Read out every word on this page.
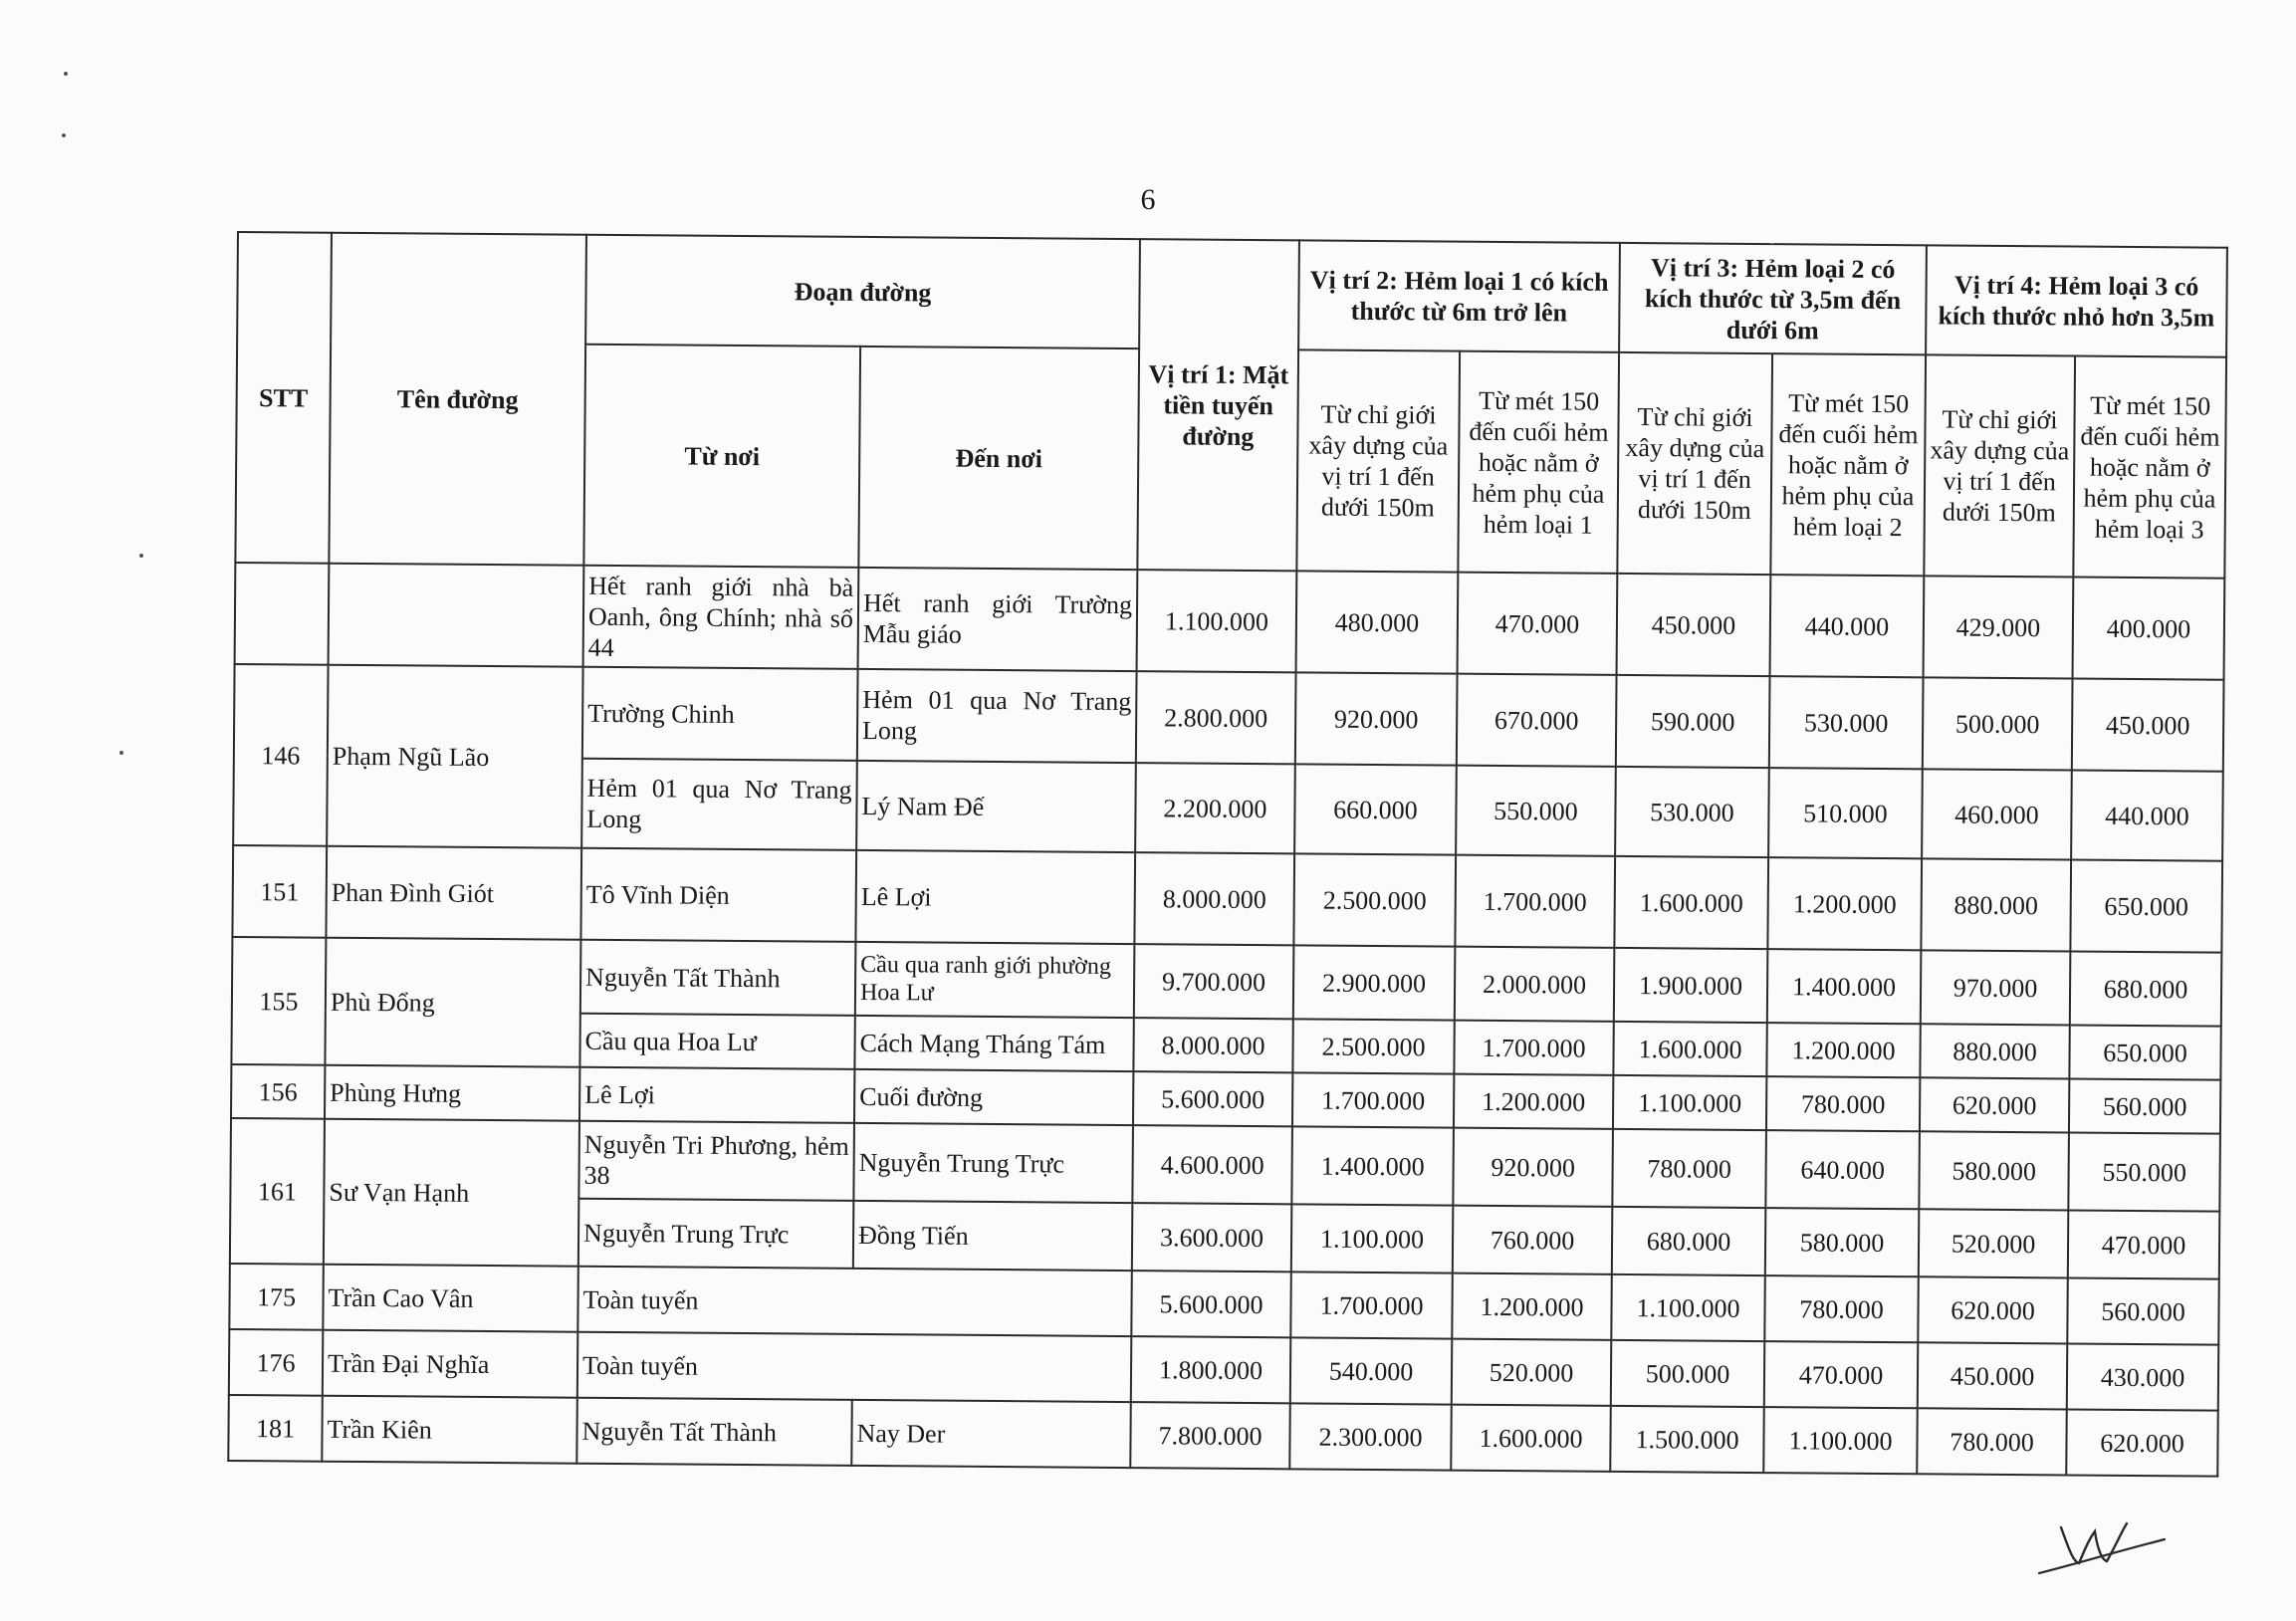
6
STT	Tên đường	Đoạn đường		Vị trí 1: Mặt tiền tuyến đường	Vị trí 2: Hẻm loại 1 có kích thước từ 6m trở lên		Vị trí 3: Hẻm loại 2 có kích thước từ 3,5m đến dưới 6m		Vị trí 4: Hẻm loại 3 có kích thước nhỏ hơn 3,5m	
					Từ chỉ giới xây dựng của vị trí 1 đến dưới 150m	Từ mét 150 đến cuối hẻm hoặc nằm ở hẻm phụ của hẻm loại 1	Từ chỉ giới xây dựng của vị trí 1 đến dưới 150m	Từ mét 150 đến cuối hẻm hoặc nằm ở hẻm phụ của hẻm loại 2	Từ chỉ giới xây dựng của vị trí 1 đến dưới 150m	Từ mét 150 đến cuối hẻm hoặc nằm ở hẻm phụ của hẻm loại 3
		Từ nơi	Đến nơi							
		Hết ranh giới nhà bà Oanh, ông Chính; nhà số 44	Hết ranh giới Trường Mẫu giáo	1.100.000	480.000	470.000	450.000	440.000	429.000	400.000
146	Phạm Ngũ Lão	Trường Chinh	Hẻm 01 qua Nơ Trang Long	2.800.000	920.000	670.000	590.000	530.000	500.000	450.000
		Hẻm 01 qua Nơ Trang Long	Lý Nam Đế	2.200.000	660.000	550.000	530.000	510.000	460.000	440.000
151	Phan Đình Giót	Tô Vĩnh Diện	Lê Lợi	8.000.000	2.500.000	1.700.000	1.600.000	1.200.000	880.000	650.000
155	Phù Đổng	Nguyễn Tất Thành	Cầu qua ranh giới phường Hoa Lư	9.700.000	2.900.000	2.000.000	1.900.000	1.400.000	970.000	680.000
		Cầu qua Hoa Lư	Cách Mạng Tháng Tám	8.000.000	2.500.000	1.700.000	1.600.000	1.200.000	880.000	650.000
156	Phùng Hưng	Lê Lợi	Cuối đường	5.600.000	1.700.000	1.200.000	1.100.000	780.000	620.000	560.000
161	Sư Vạn Hạnh	Nguyễn Tri Phương, hẻm 38	Nguyễn Trung Trực	4.600.000	1.400.000	920.000	780.000	640.000	580.000	550.000
		Nguyễn Trung Trực	Đồng Tiến	3.600.000	1.100.000	760.000	680.000	580.000	520.000	470.000
175	Trần Cao Vân	Toàn tuyến		5.600.000	1.700.000	1.200.000	1.100.000	780.000	620.000	560.000
176	Trần Đại Nghĩa	Toàn tuyến		1.800.000	540.000	520.000	500.000	470.000	450.000	430.000
181	Trần Kiên	Nguyễn Tất Thành	Nay Der	7.800.000	2.300.000	1.600.000	1.500.000	1.100.000	780.000	620.000
